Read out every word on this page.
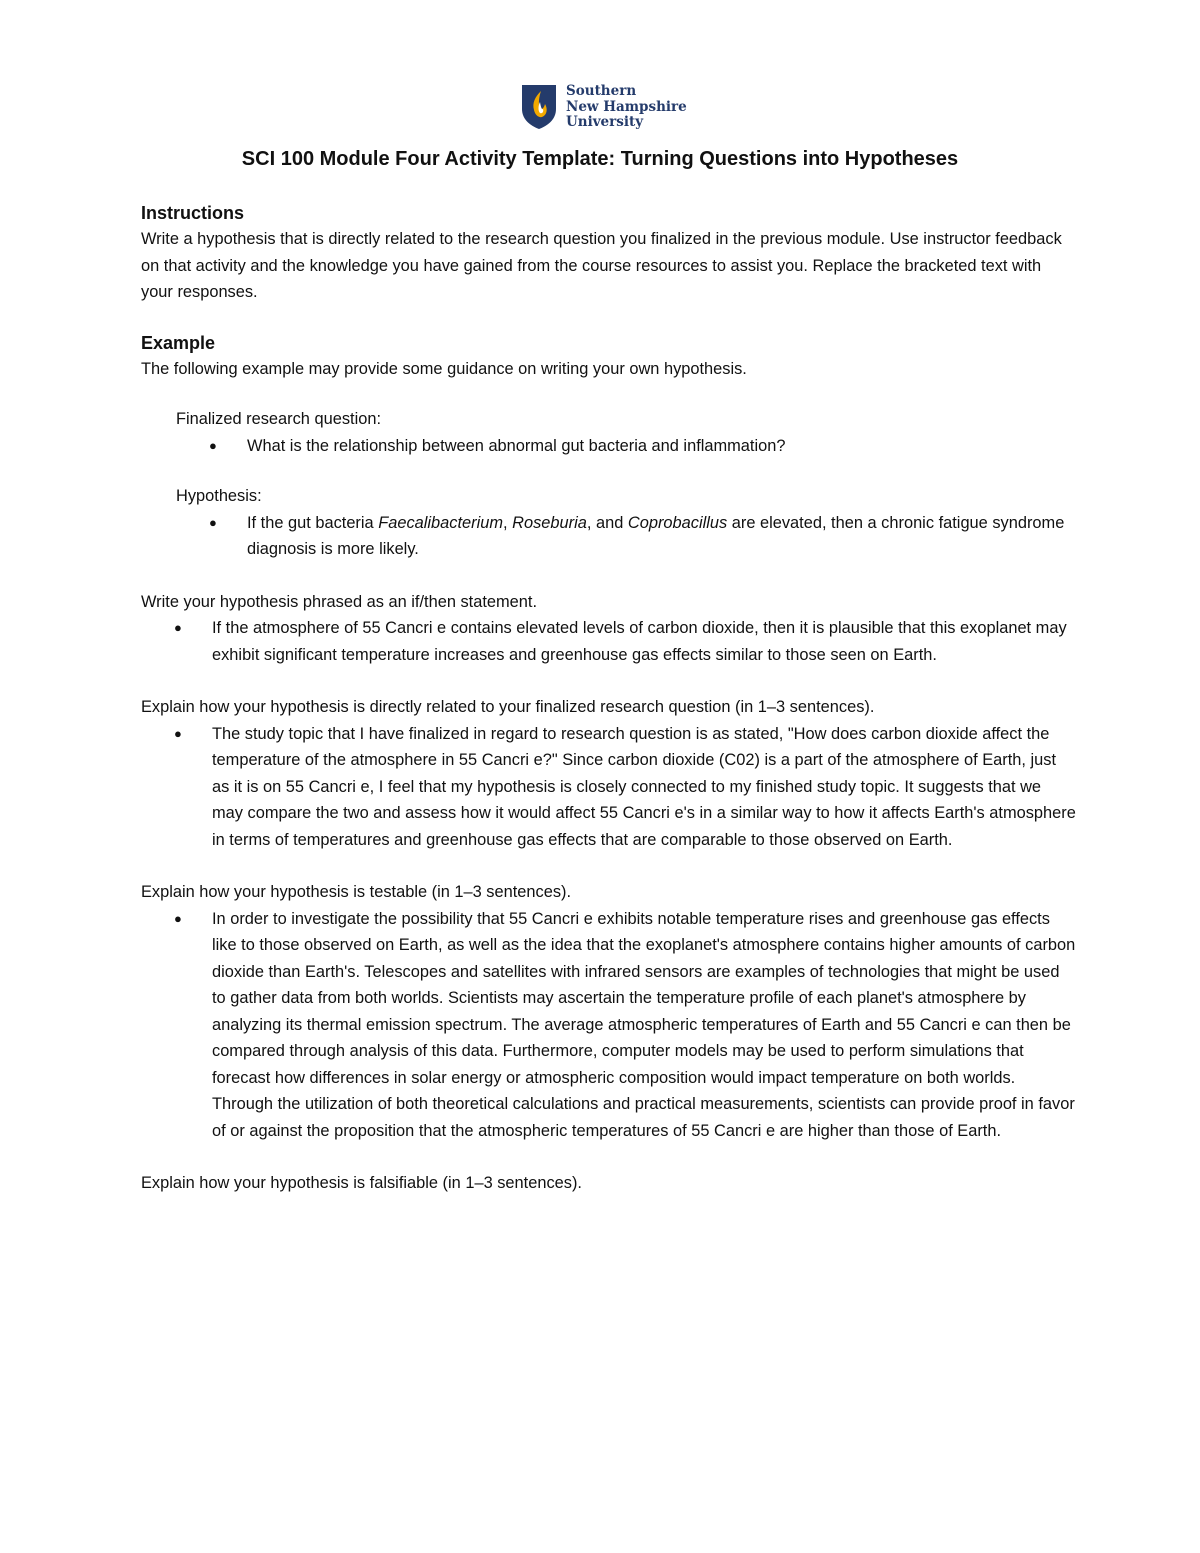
Southern
New Hampshire
University
SCI 100 Module Four Activity Template: Turning Questions into Hypotheses
Instructions

Write a hypothesis that is directly related to the research question you finalized in the previous module. Use instructor feedback on that activity and the knowledge you have gained from the course resources to assist you. Replace the bracketed text with your responses.

Example

The following example may provide some guidance on writing your own hypothesis.

Finalized research question:

● What is the relationship between abnormal gut bacteria and inflammation?

Hypothesis:

● If the gut bacteria Faecalibacterium, Roseburia, and Coprobacillus are elevated, then a chronic fatigue syndrome diagnosis is more likely.

Write your hypothesis phrased as an if/then statement.

● If the atmosphere of 55 Cancri e contains elevated levels of carbon dioxide, then it is plausible that this exoplanet may exhibit significant temperature increases and greenhouse gas effects similar to those seen on Earth.

Explain how your hypothesis is directly related to your finalized research question (in 1–3 sentences).

● The study topic that I have finalized in regard to research question is as stated, "How does carbon dioxide affect the temperature of the atmosphere in 55 Cancri e?" Since carbon dioxide (C02) is a part of the atmosphere of Earth, just as it is on 55 Cancri e, I feel that my hypothesis is closely connected to my finished study topic. It suggests that we may compare the two and assess how it would affect 55 Cancri e's in a similar way to how it affects Earth's atmosphere in terms of temperatures and greenhouse gas effects that are comparable to those observed on Earth.

Explain how your hypothesis is testable (in 1–3 sentences).

● In order to investigate the possibility that 55 Cancri e exhibits notable temperature rises and greenhouse gas effects like to those observed on Earth, as well as the idea that the exoplanet's atmosphere contains higher amounts of carbon dioxide than Earth's. Telescopes and satellites with infrared sensors are examples of technologies that might be used to gather data from both worlds. Scientists may ascertain the temperature profile of each planet's atmosphere by analyzing its thermal emission spectrum. The average atmospheric temperatures of Earth and 55 Cancri e can then be compared through analysis of this data. Furthermore, computer models may be used to perform simulations that forecast how differences in solar energy or atmospheric composition would impact temperature on both worlds. Through the utilization of both theoretical calculations and practical measurements, scientists can provide proof in favor of or against the proposition that the atmospheric temperatures of 55 Cancri e are higher than those of Earth.

Explain how your hypothesis is falsifiable (in 1–3 sentences).
